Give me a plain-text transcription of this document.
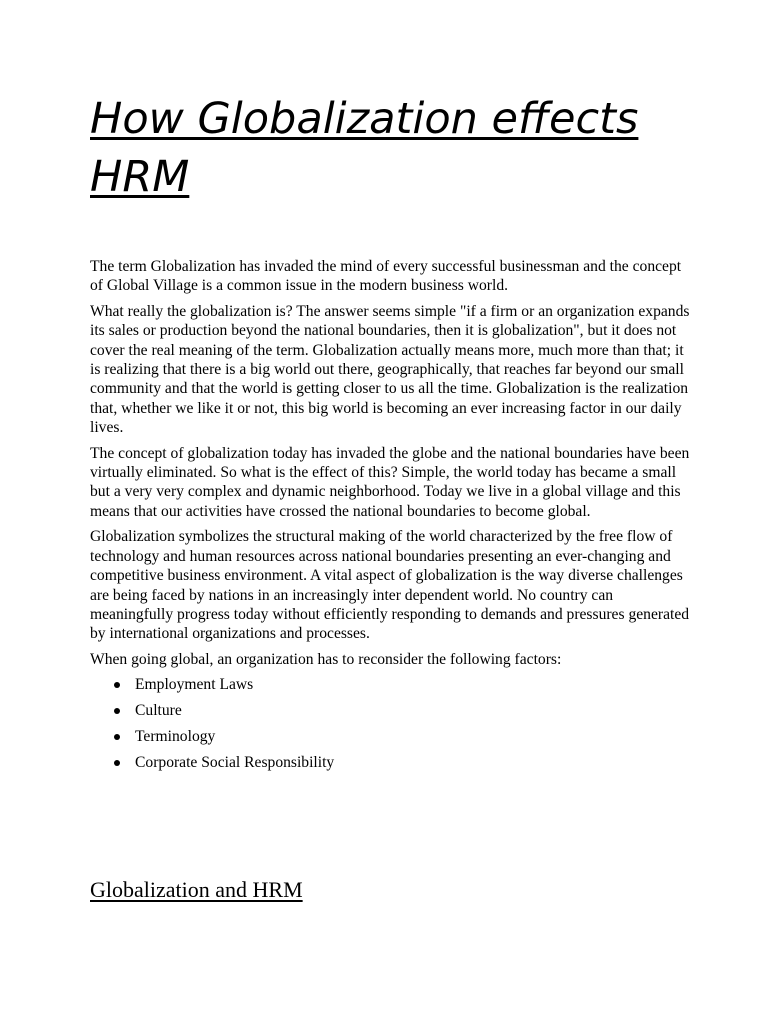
How Globalization effects HRM

The term Globalization has invaded the mind of every successful businessman and the concept of Global Village is a common issue in the modern business world.

What really the globalization is? The answer seems simple "if a firm or an organization expands its sales or production beyond the national boundaries, then it is globalization", but it does not cover the real meaning of the term. Globalization actually means more, much more than that; it is realizing that there is a big world out there, geographically, that reaches far beyond our small community and that the world is getting closer to us all the time. Globalization is the realization that, whether we like it or not, this big world is becoming an ever increasing factor in our daily lives.

The concept of globalization today has invaded the globe and the national boundaries have been virtually eliminated. So what is the effect of this? Simple, the world today has became a small but a very very complex and dynamic neighborhood. Today we live in a global village and this means that our activities have crossed the national boundaries to become global.

Globalization symbolizes the structural making of the world characterized by the free flow of technology and human resources across national boundaries presenting an ever-changing and competitive business environment. A vital aspect of globalization is the way diverse challenges are being faced by nations in an increasingly inter dependent world. No country can meaningfully progress today without efficiently responding to demands and pressures generated by international organizations and processes.

When going global, an organization has to reconsider the following factors:

Employment Laws
Culture
Terminology
Corporate Social Responsibility
Globalization and HRM
